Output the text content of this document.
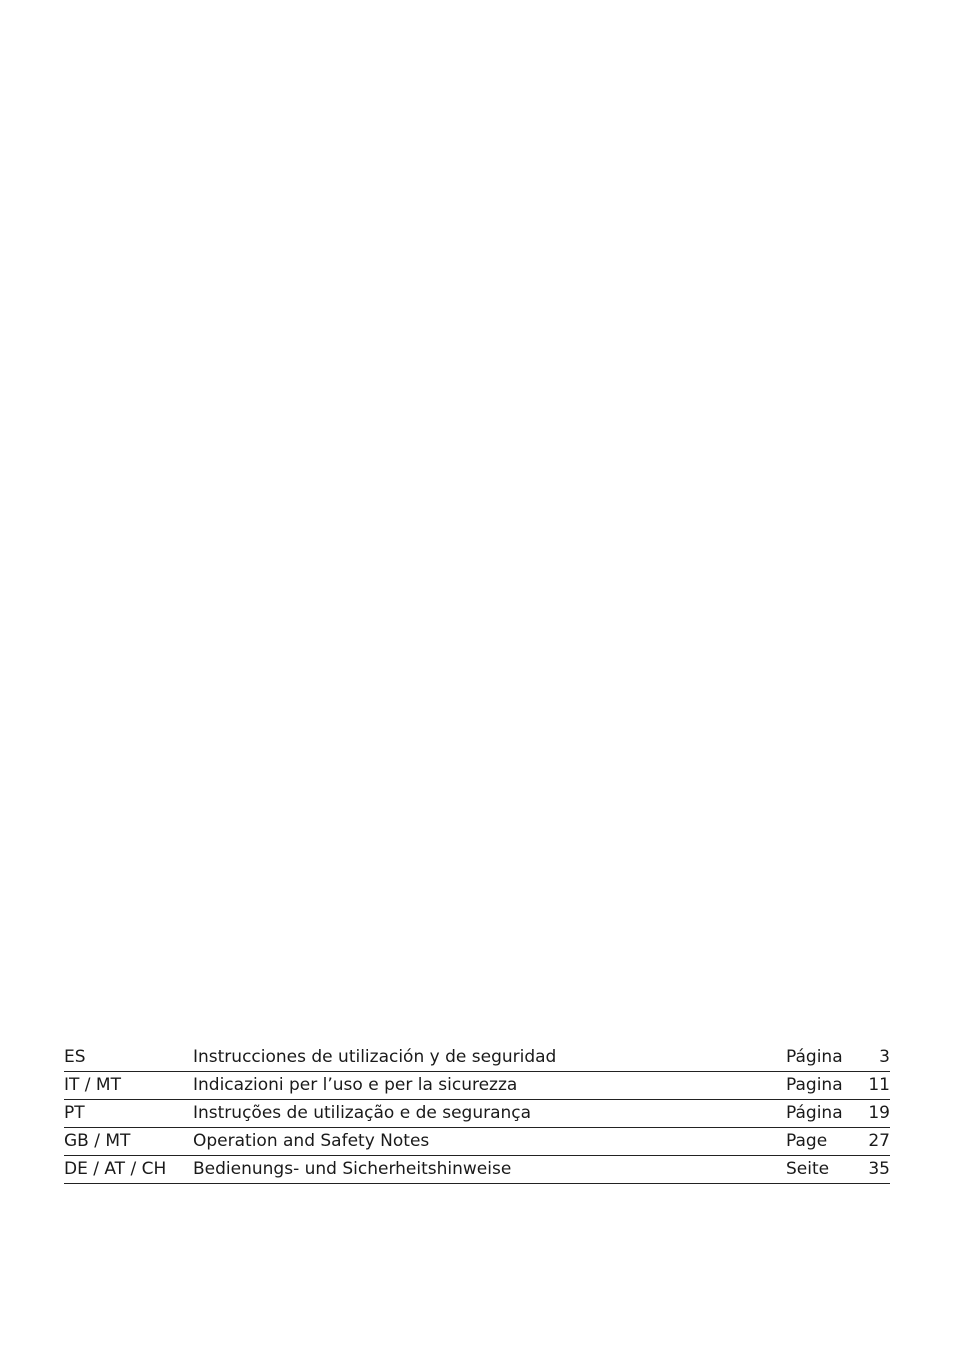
ES	Instrucciones de utilización y de seguridad	Página	3
IT / MT	Indicazioni per l’uso e per la sicurezza	Pagina	11
PT	Instruções de utilização e de segurança	Página	19
GB / MT	Operation and Safety Notes	Page	27
DE / AT / CH	Bedienungs- und Sicherheitshinweise	Seite	35
